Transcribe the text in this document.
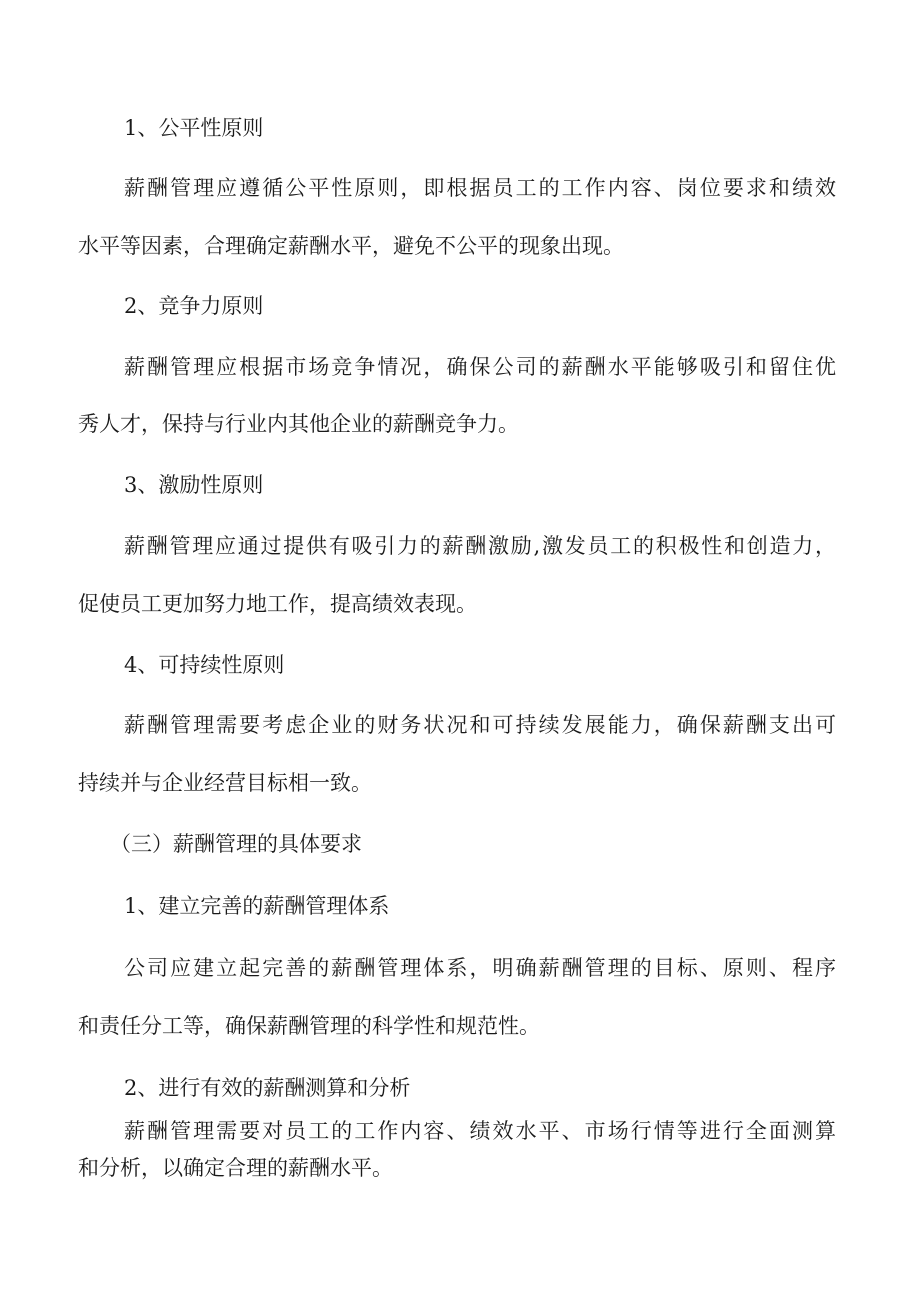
1、公平性原则
薪酬管理应遵循公平性原则，即根据员工的工作内容、岗位要求和绩效
水平等因素，合理确定薪酬水平，避免不公平的现象出现。
2、竞争力原则
薪酬管理应根据市场竞争情况，确保公司的薪酬水平能够吸引和留住优
秀人才，保持与行业内其他企业的薪酬竞争力。
3、激励性原则
薪酬管理应通过提供有吸引力的薪酬激励,激发员工的积极性和创造力，
促使员工更加努力地工作，提高绩效表现。
4、可持续性原则
薪酬管理需要考虑企业的财务状况和可持续发展能力，确保薪酬支出可
持续并与企业经营目标相一致。
（三）薪酬管理的具体要求
1、建立完善的薪酬管理体系
公司应建立起完善的薪酬管理体系，明确薪酬管理的目标、原则、程序
和责任分工等，确保薪酬管理的科学性和规范性。
2、进行有效的薪酬测算和分析
薪酬管理需要对员工的工作内容、绩效水平、市场行情等进行全面测算
和分析，以确定合理的薪酬水平。
